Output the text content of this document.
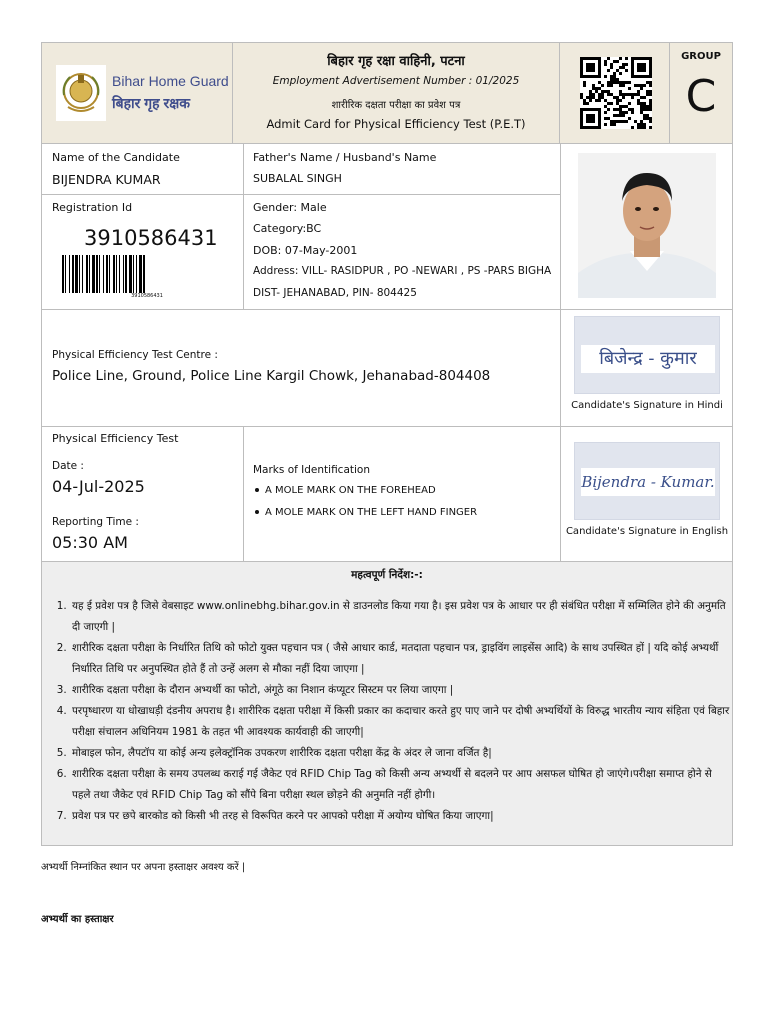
Bihar Home Guard
बिहार गृह रक्षक
बिहार गृह रक्षा वाहिनी, पटना
Employment Advertisement Number : 01/2025
शारीरिक दक्षता परीक्षा का प्रवेश पत्र
Admit Card for Physical Efficiency Test (P.E.T)
GROUP
C
Name of the Candidate
BIJENDRA KUMAR
Father's Name / Husband's Name
SUBALAL SINGH
Registration Id
3910586431
3910586431
Gender: Male
Category:BC
DOB: 07-May-2001
Address: VILL- RASIDPUR , PO -NEWARI , PS -PARS BIGHA
DIST- JEHANABAD, PIN- 804425
Physical Efficiency Test Centre :
Police Line, Ground, Police Line Kargil Chowk, Jehanabad-804408
बिजेन्द्र - कुमार
Candidate's Signature in Hindi
Physical Efficiency Test
Date :
04-Jul-2025
Reporting Time :
05:30 AM
Marks of Identification
A MOLE MARK ON THE FOREHEAD
A MOLE MARK ON THE LEFT HAND FINGER
Bijendra - Kumar.
Candidate's Signature in English
महत्वपूर्ण निर्देश:-:
1. यह ई प्रवेश पत्र है जिसे वेबसाइट www.onlinebhg.bihar.gov.in से डाउनलोड किया गया है। इस प्रवेश पत्र के आधार पर ही संबंधित परीक्षा में सम्मिलित होने की अनुमति दी जाएगी |
2. शारीरिक दक्षता परीक्षा के निर्धारित तिथि को फोटो युक्त पहचान पत्र ( जैसे आधार कार्ड, मतदाता पहचान पत्र, ड्राइविंग लाइसेंस आदि) के साथ उपस्थित हों | यदि कोई अभ्यर्थी निर्धारित तिथि पर अनुपस्थित होते हैं तो उन्हें अलग से मौका नहीं दिया जाएगा |
3. शारीरिक दक्षता परीक्षा के दौरान अभ्यर्थी का फोटो, अंगूठे का निशान कंप्यूटर सिस्टम पर लिया जाएगा |
4. परपृष्धारण या धोखाधड़ी दंडनीय अपराध है। शारीरिक दक्षता परीक्षा में किसी प्रकार का कदाचार करते हुए पाए जाने पर दोषी अभ्यर्थियों के विरुद्ध भारतीय न्याय संहिता एवं बिहार परीक्षा संचालन अधिनियम 1981 के तहत भी आवश्यक कार्यवाही की जाएगी|
5. मोबाइल फोन, लैपटॉप या कोई अन्य इलेक्ट्रॉनिक उपकरण शारीरिक दक्षता परीक्षा केंद्र के अंदर ले जाना वर्जित है|
6. शारीरिक दक्षता परीक्षा के समय उपलब्ध कराई गई जैकेट एवं RFID Chip Tag को किसी अन्य अभ्यर्थी से बदलने पर आप असफल घोषित हो जाएंगे।परीक्षा समाप्त होने से पहले तथा जैकेट एवं RFID Chip Tag को सौंपे बिना परीक्षा स्थल छोड़ने की अनुमति नहीं होगी।
7. प्रवेश पत्र पर छपे बारकोड को किसी भी तरह से विरूपित करने पर आपको परीक्षा में अयोग्य घोषित किया जाएगा|
अभ्यर्थी निम्नांकित स्थान पर अपना हस्ताक्षर अवश्य करें |
अभ्यर्थी का हस्ताक्षर
